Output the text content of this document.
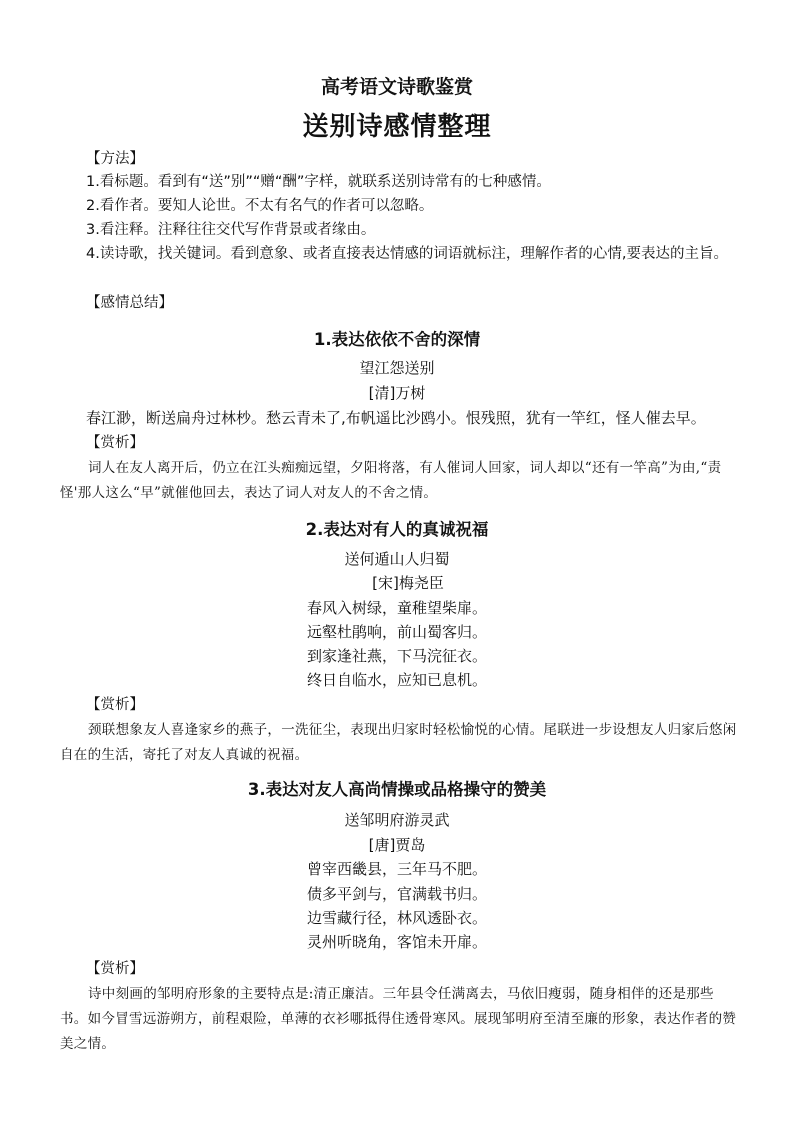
高考语文诗歌鉴赏
送别诗感情整理
【方法】
1.看标题。看到有“送”别”“赠“酬”字样，就联系送别诗常有的七种感情。
2.看作者。要知人论世。不太有名气的作者可以忽略。
3.看注释。注释往往交代写作背景或者缘由。
4.读诗歌，找关键词。看到意象、或者直接表达情感的词语就标注，理解作者的心情,要表达的主旨。
【感情总结】
1.表达依依不舍的深情
望江怨送别
[清]万树
春江渺，断送扁舟过林杪。愁云青未了,布帆遥比沙鸥小。恨残照，犹有一竿红，怪人催去早。
【赏析】
词人在友人离开后，仍立在江头痴痴远望，夕阳将落，有人催词人回家，词人却以“还有一竿高”为由,“责怪'那人这么“早”就催他回去，表达了词人对友人的不舍之情。
2.表达对有人的真诚祝福
送何遁山人归蜀
[宋]梅尧臣
春风入树绿，童稚望柴扉。
远壑杜鹃响，前山蜀客归。
到家逢社燕，下马浣征衣。
终日自临水，应知已息机。
【赏析】
颈联想象友人喜逢家乡的燕子，一洗征尘，表现出归家时轻松愉悦的心情。尾联进一步设想友人归家后悠闲自在的生活，寄托了对友人真诚的祝福。
3.表达对友人高尚情操或品格操守的赞美
送邹明府游灵武
[唐]贾岛
曾宰西畿县，三年马不肥。
债多平剑与，官满载书归。
边雪藏行径，林风透卧衣。
灵州听晓角，客馆未开扉。
【赏析】
诗中刻画的邹明府形象的主要特点是:清正廉洁。三年县令任满离去，马依旧瘦弱，随身相伴的还是那些书。如今冒雪远游朔方，前程艰险，单薄的衣衫哪抵得住透骨寒风。展现邹明府至清至廉的形象，表达作者的赞美之情。
